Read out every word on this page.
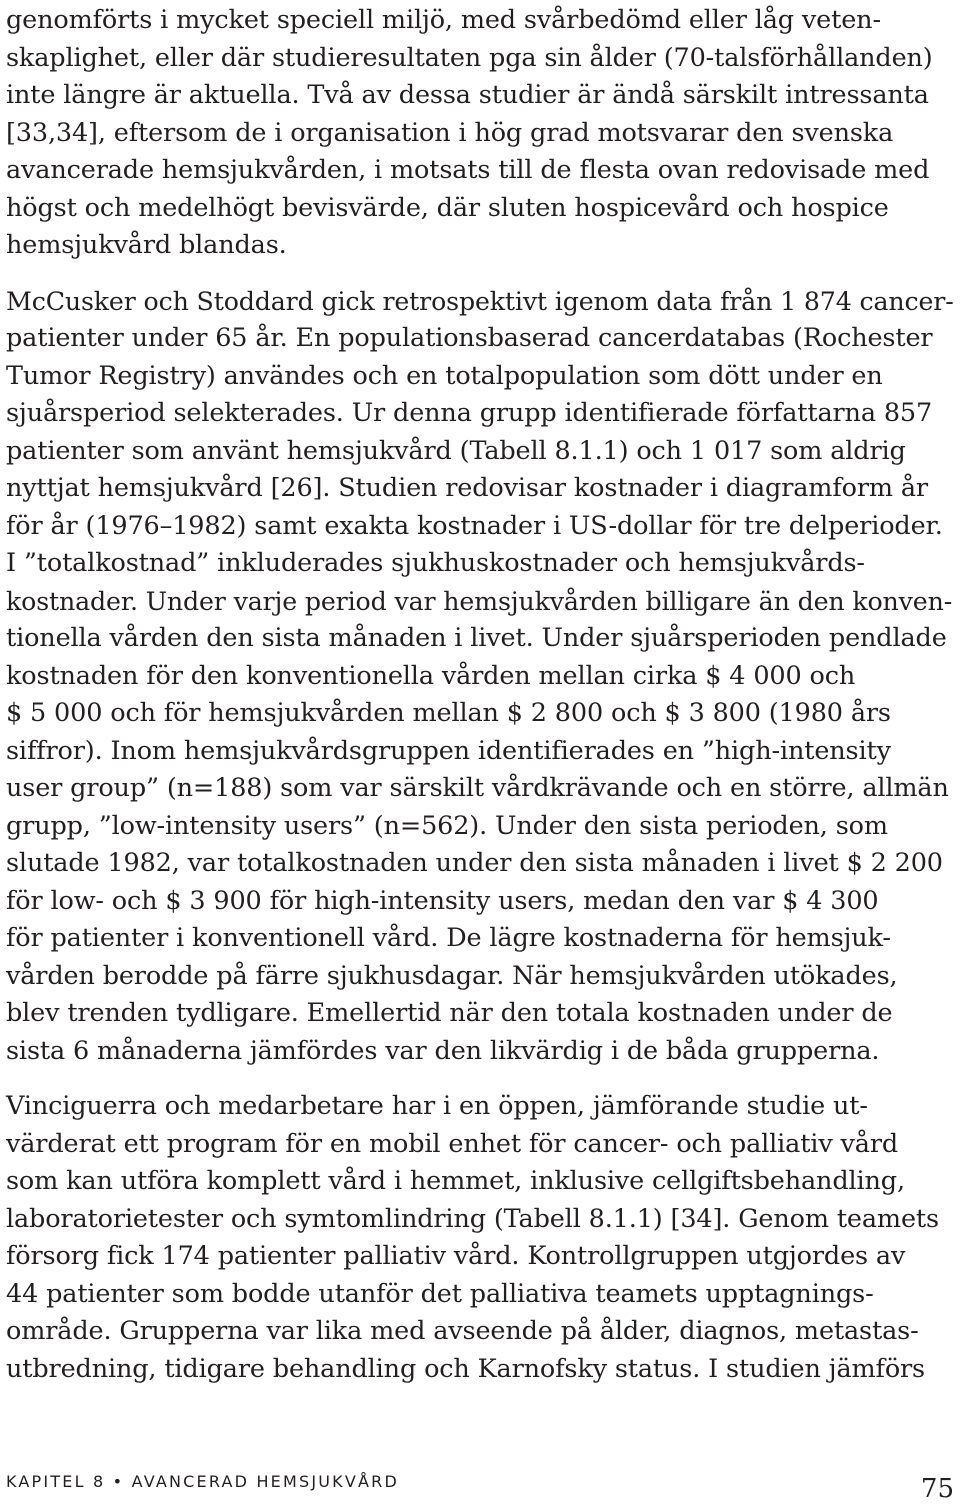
genomförts i mycket speciell miljö, med svårbedömd eller låg veten-
skaplighet, eller där studieresultaten pga sin ålder (70-talsförhållanden)
inte längre är aktuella. Två av dessa studier är ändå särskilt intressanta
[33,34], eftersom de i organisation i hög grad motsvarar den svenska
avancerade hemsjukvården, i motsats till de flesta ovan redovisade med
högst och medelhögt bevisvärde, där sluten hospicevård och hospice
hemsjukvård blandas.

McCusker och Stoddard gick retrospektivt igenom data från 1 874 cancer-
patienter under 65 år. En populationsbaserad cancerdatabas (Rochester
Tumor Registry) användes och en totalpopulation som dött under en
sjuårsperiod selekterades. Ur denna grupp identifierade författarna 857
patienter som använt hemsjukvård (Tabell 8.1.1) och 1 017 som aldrig
nyttjat hemsjukvård [26]. Studien redovisar kostnader i diagramform år
för år (1976–1982) samt exakta kostnader i US-dollar för tre delperioder.
I ”totalkostnad” inkluderades sjukhuskostnader och hemsjukvårds-
kostnader. Under varje period var hemsjukvården billigare än den konven-
tionella vården den sista månaden i livet. Under sjuårsperioden pendlade
kostnaden för den konventionella vården mellan cirka $ 4 000 och
$ 5 000 och för hemsjukvården mellan $ 2 800 och $ 3 800 (1980 års
siffror). Inom hemsjukvårdsgruppen identifierades en ”high-intensity
user group” (n=188) som var särskilt vårdkrävande och en större, allmän
grupp, ”low-intensity users” (n=562). Under den sista perioden, som
slutade 1982, var totalkostnaden under den sista månaden i livet $ 2 200
för low- och $ 3 900 för high-intensity users, medan den var $ 4 300
för patienter i konventionell vård. De lägre kostnaderna för hemsjuk-
vården berodde på färre sjukhusdagar. När hemsjukvården utökades,
blev trenden tydligare. Emellertid när den totala kostnaden under de
sista 6 månaderna jämfördes var den likvärdig i de båda grupperna.

Vinciguerra och medarbetare har i en öppen, jämförande studie ut-
värderat ett program för en mobil enhet för cancer- och palliativ vård
som kan utföra komplett vård i hemmet, inklusive cellgiftsbehandling,
laboratorietester och symtomlindring (Tabell 8.1.1) [34]. Genom teamets
försorg fick 174 patienter palliativ vård. Kontrollgruppen utgjordes av
44 patienter som bodde utanför det palliativa teamets upptagnings-
område. Grupperna var lika med avseende på ålder, diagnos, metastas-
utbredning, tidigare behandling och Karnofsky status. I studien jämförs

KAPITEL 8 • AVANCERAD HEMSJUKVÅRD	75
